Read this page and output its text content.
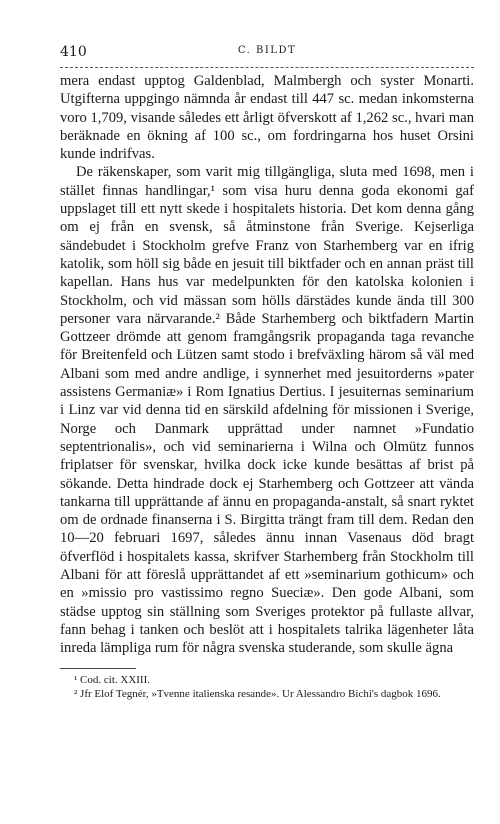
410	C. BILDT

mera endast upptog Galdenblad, Malmbergh och syster Monarti. Utgifterna uppgingo nämnda år endast till 447 sc. medan inkomsterna voro 1,709, visande således ett årligt öfverskott af 1,262 sc., hvari man beräknade en ökning af 100 sc., om fordringarna hos huset Orsini kunde indrifvas.

De räkenskaper, som varit mig tillgängliga, sluta med 1698, men i stället finnas handlingar,¹ som visa huru denna goda ekonomi gaf uppslaget till ett nytt skede i hospitalets historia. Det kom denna gång om ej från en svensk, så åtminstone från Sverige. Kejserliga sändebudet i Stockholm grefve Franz von Starhemberg var en ifrig katolik, som höll sig både en jesuit till biktfader och en annan präst till kapellan. Hans hus var medelpunkten för den katolska kolonien i Stockholm, och vid mässan som hölls därstädes kunde ända till 300 personer vara närvarande.² Både Starhemberg och biktfadern Martin Gottzeer drömde att genom framgångsrik propaganda taga revanche för Breitenfeld och Lützen samt stodo i brefväxling härom så väl med Albani som med andre andlige, i synnerhet med jesuitorderns »pater assistens Germaniæ» i Rom Ignatius Dertius. I jesuiternas seminarium i Linz var vid denna tid en särskild afdelning för missionen i Sverige, Norge och Danmark upprättad under namnet »Fundatio septentrionalis», och vid seminarierna i Wilna och Olmütz funnos friplatser för svenskar, hvilka dock icke kunde besättas af brist på sökande. Detta hindrade dock ej Starhemberg och Gottzeer att vända tankarna till upprättande af ännu en propaganda-anstalt, så snart ryktet om de ordnade finanserna i S. Birgitta trängt fram till dem. Redan den 10—20 februari 1697, således ännu innan Vasenaus död bragt öfverflöd i hospitalets kassa, skrifver Starhemberg från Stockholm till Albani för att föreslå upprättandet af ett »seminarium gothicum» och en »missio pro vastissimo regno Sueciæ». Den gode Albani, som städse upptog sin ställning som Sveriges protektor på fullaste allvar, fann behag i tanken och beslöt att i hospitalets talrika lägenheter låta inreda lämpliga rum för några svenska studerande, som skulle ägna

¹ Cod. cit. XXIII.

² Jfr Elof Tegnér, »Tvenne italienska resande». Ur Alessandro Bichi's dagbok 1696.
